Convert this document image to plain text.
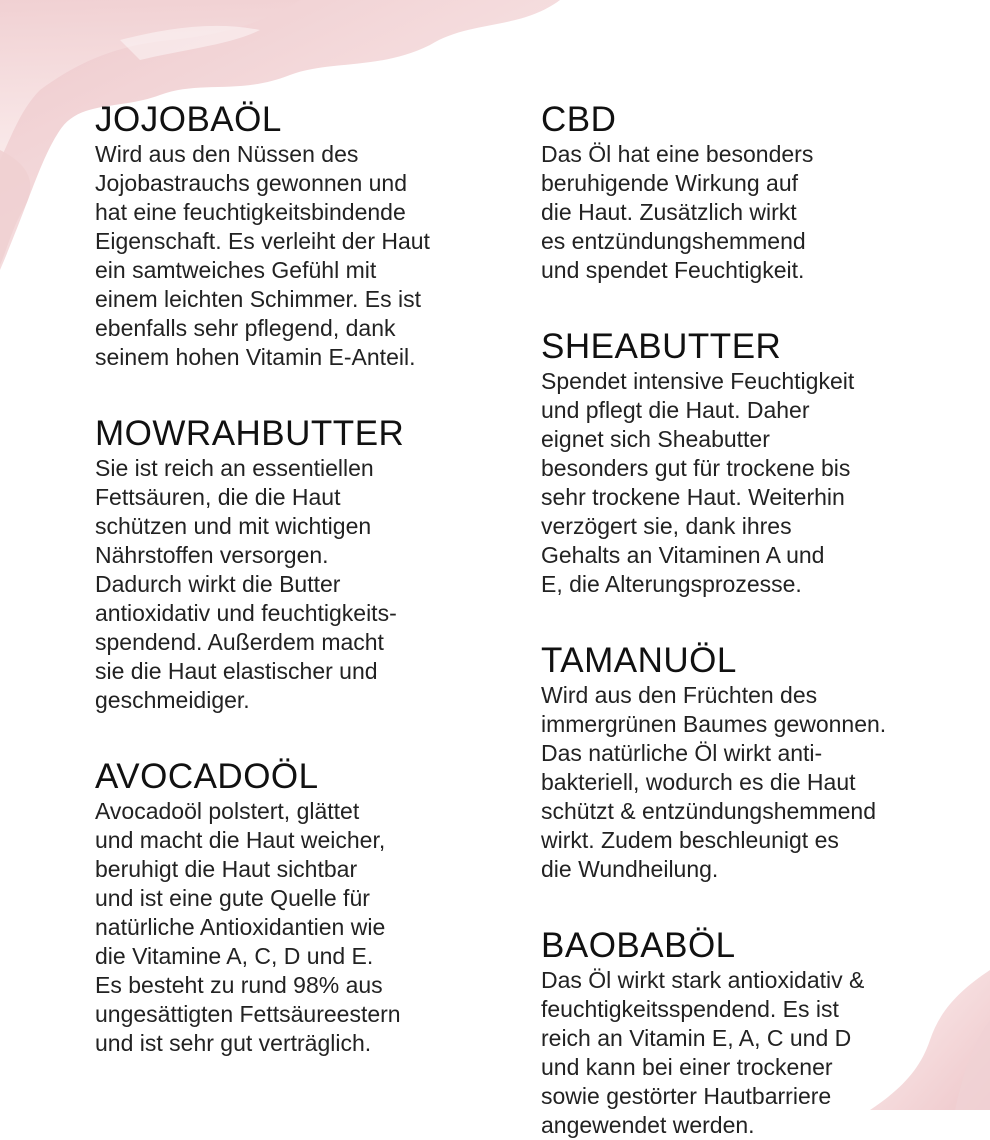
JOJOBAÖL

Wird aus den Nüssen des
Jojobastrauchs gewonnen und
hat eine feuchtigkeitsbindende
Eigenschaft. Es verleiht der Haut
ein samtweiches Gefühl mit
einem leichten Schimmer. Es ist
ebenfalls sehr pflegend, dank
seinem hohen Vitamin E-Anteil.

MOWRAHBUTTER

Sie ist reich an essentiellen
Fettsäuren, die die Haut
schützen und mit wichtigen
Nährstoffen versorgen.
Dadurch wirkt die Butter
antioxidativ und feuchtigkeits-
spendend. Außerdem macht
sie die Haut elastischer und
geschmeidiger.

AVOCADOÖL

Avocadoöl polstert, glättet
und macht die Haut weicher,
beruhigt die Haut sichtbar
und ist eine gute Quelle für
natürliche Antioxidantien wie
die Vitamine A, C, D und E.
Es besteht zu rund 98% aus
ungesättigten Fettsäureestern
und ist sehr gut verträglich.

CBD

Das Öl hat eine besonders
beruhigende Wirkung auf
die Haut. Zusätzlich wirkt
es entzündungshemmend
und spendet Feuchtigkeit.

SHEABUTTER

Spendet intensive Feuchtigkeit
und pflegt die Haut. Daher
eignet sich Sheabutter
besonders gut für trockene bis
sehr trockene Haut. Weiterhin
verzögert sie, dank ihres
Gehalts an Vitaminen A und
E, die Alterungsprozesse.

TAMANUÖL

Wird aus den Früchten des
immergrünen Baumes gewonnen.
Das natürliche Öl wirkt anti-
bakteriell, wodurch es die Haut
schützt & entzündungshemmend
wirkt. Zudem beschleunigt es
die Wundheilung.

BAOBABÖL

Das Öl wirkt stark antioxidativ &
feuchtigkeitsspendend. Es ist
reich an Vitamin E, A, C und D
und kann bei einer trockener
sowie gestörter Hautbarriere
angewendet werden.
